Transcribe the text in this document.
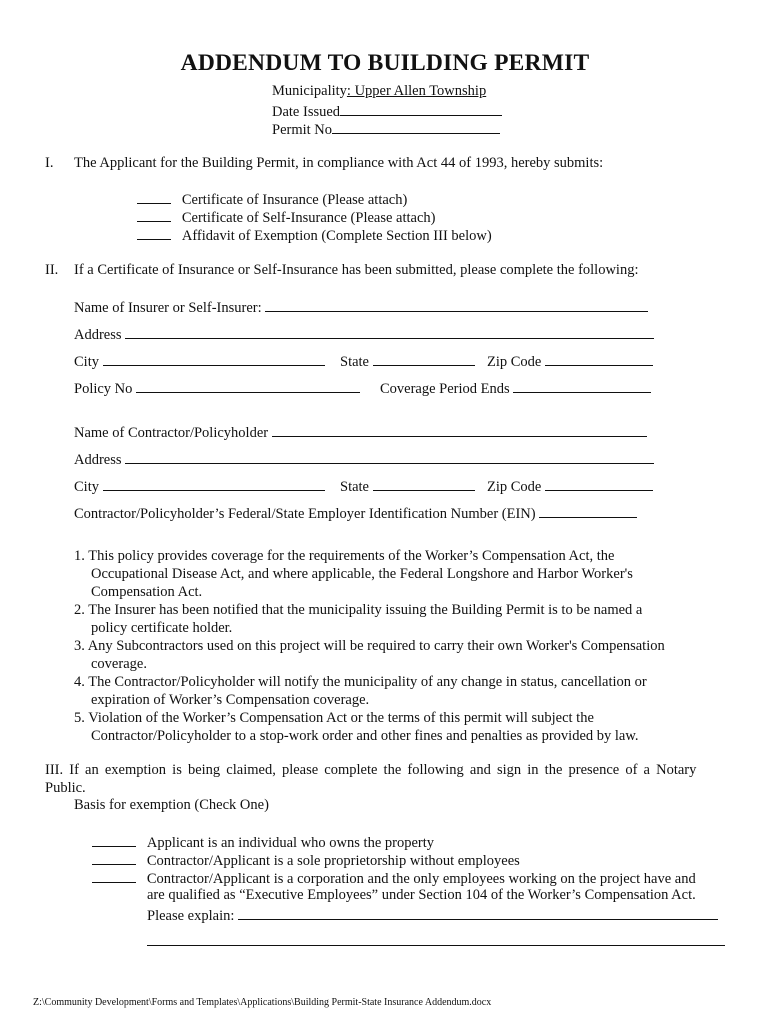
ADDENDUM TO BUILDING PERMIT
Municipality: Upper Allen Township
Date Issued
Permit No
I. The Applicant for the Building Permit, in compliance with Act 44 of 1993, hereby submits:
Certificate of Insurance (Please attach)
Certificate of Self-Insurance (Please attach)
Affidavit of Exemption (Complete Section III below)
II. If a Certificate of Insurance or Self-Insurance has been submitted, please complete the following:
Name of Insurer or Self-Insurer:
Address
City	State	Zip Code
Policy No	Coverage Period Ends
Name of Contractor/Policyholder
Address
City	State	Zip Code
Contractor/Policyholder’s Federal/State Employer Identification Number (EIN)
1. This policy provides coverage for the requirements of the Worker’s Compensation Act, the
Occupational Disease Act, and where applicable, the Federal Longshore and Harbor Worker's
Compensation Act.
2. The Insurer has been notified that the municipality issuing the Building Permit is to be named a
policy certificate holder.
3. Any Subcontractors used on this project will be required to carry their own Worker's Compensation
coverage.
4. The Contractor/Policyholder will notify the municipality of any change in status, cancellation or
expiration of Worker’s Compensation coverage.
5. Violation of the Worker’s Compensation Act or the terms of this permit will subject the
Contractor/Policyholder to a stop-work order and other fines and penalties as provided by law.
III. If an exemption is being claimed, please complete the following and sign in the presence of a Notary
Public.
Basis for exemption (Check One)
Applicant is an individual who owns the property
Contractor/Applicant is a sole proprietorship without employees
Contractor/Applicant is a corporation and the only employees working on the project have and
are qualified as “Executive Employees” under Section 104 of the Worker’s Compensation Act.
Please explain:
Z:\Community Development\Forms and Templates\Applications\Building Permit-State Insurance Addendum.docx
